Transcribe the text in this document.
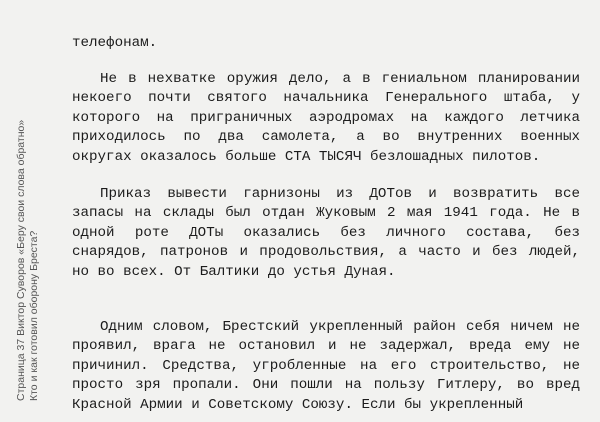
Страница 37 Виктор Суворов «Беру свои слова обратно» Кто и как готовил оборону Бреста?

телефонам.

Не в нехватке оружия дело, а в гениальном планировании некоего почти святого начальника Генерального штаба, у которого на приграничных аэродромах на каждого летчика приходилось по два самолета, а во внутренних военных округах оказалось больше СТА ТЫСЯЧ безлошадных пилотов.

Приказ вывести гарнизоны из ДОТов и возвратить все запасы на склады был отдан Жуковым 2 мая 1941 года. Не в одной роте ДОТы оказались без личного состава, без снарядов, патронов и продовольствия, а часто и без людей, но во всех. От Балтики до устья Дуная.

Одним словом, Брестский укрепленный район себя ничем не проявил, врага не остановил и не задержал, вреда ему не причинил. Средства, угробленные на его строительство, не просто зря пропали. Они пошли на пользу Гитлеру, во вред Красной Армии и Советскому Союзу. Если бы укрепленный
